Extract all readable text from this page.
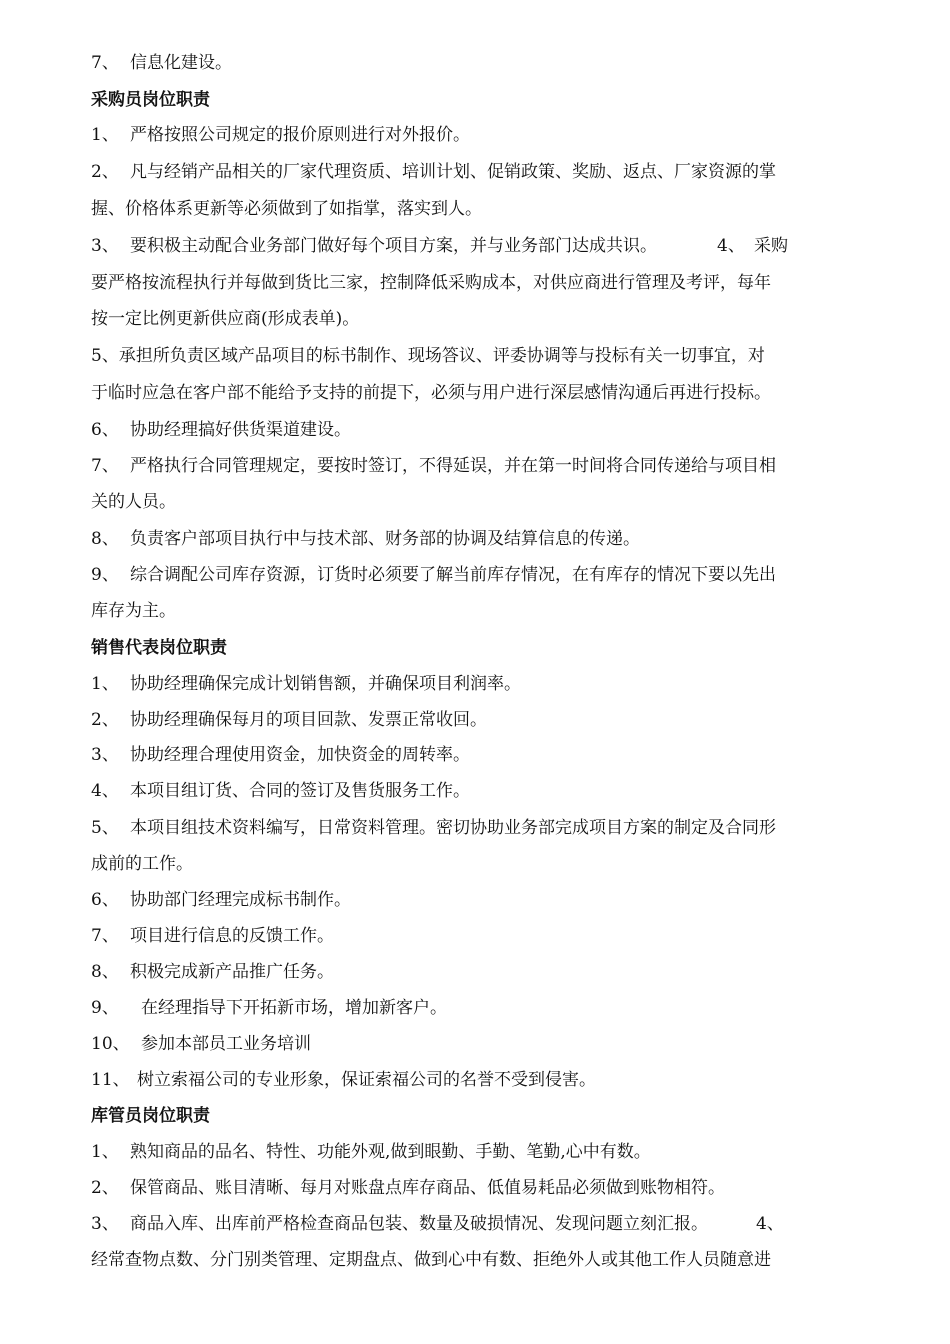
7、 信息化建设。
采购员岗位职责
1、 严格按照公司规定的报价原则进行对外报价。
2、 凡与经销产品相关的厂家代理资质、培训计划、促销政策、奖励、返点、厂家资源的掌
握、价格体系更新等必须做到了如指掌，落实到人。
3、 要积极主动配合业务部门做好每个项目方案，并与业务部门达成共识。	4、 采购
要严格按流程执行并每做到货比三家，控制降低采购成本，对供应商进行管理及考评，每年
按一定比例更新供应商(形成表单)。
5、承担所负责区域产品项目的标书制作、现场答议、评委协调等与投标有关一切事宜，对
于临时应急在客户部不能给予支持的前提下，必须与用户进行深层感情沟通后再进行投标。
6、 协助经理搞好供货渠道建设。
7、 严格执行合同管理规定，要按时签订，不得延误，并在第一时间将合同传递给与项目相
关的人员。
8、 负责客户部项目执行中与技术部、财务部的协调及结算信息的传递。
9、 综合调配公司库存资源，订货时必须要了解当前库存情况，在有库存的情况下要以先出
库存为主。
销售代表岗位职责
1、 协助经理确保完成计划销售额，并确保项目利润率。
2、 协助经理确保每月的项目回款、发票正常收回。
3、 协助经理合理使用资金，加快资金的周转率。
4、 本项目组订货、合同的签订及售货服务工作。
5、 本项目组技术资料编写，日常资料管理。密切协助业务部完成项目方案的制定及合同形
成前的工作。
6、 协助部门经理完成标书制作。
7、 项目进行信息的反馈工作。
8、 积极完成新产品推广任务。
9、 在经理指导下开拓新市场，增加新客户。
10、 参加本部员工业务培训
11、 树立索福公司的专业形象，保证索福公司的名誉不受到侵害。
库管员岗位职责
1、 熟知商品的品名、特性、功能外观,做到眼勤、手勤、笔勤,心中有数。
2、 保管商品、账目清晰、每月对账盘点库存商品、低值易耗品必须做到账物相符。
3、 商品入库、出库前严格检查商品包装、数量及破损情况、发现问题立刻汇报。	4、
经常查物点数、分门别类管理、定期盘点、做到心中有数、拒绝外人或其他工作人员随意进
